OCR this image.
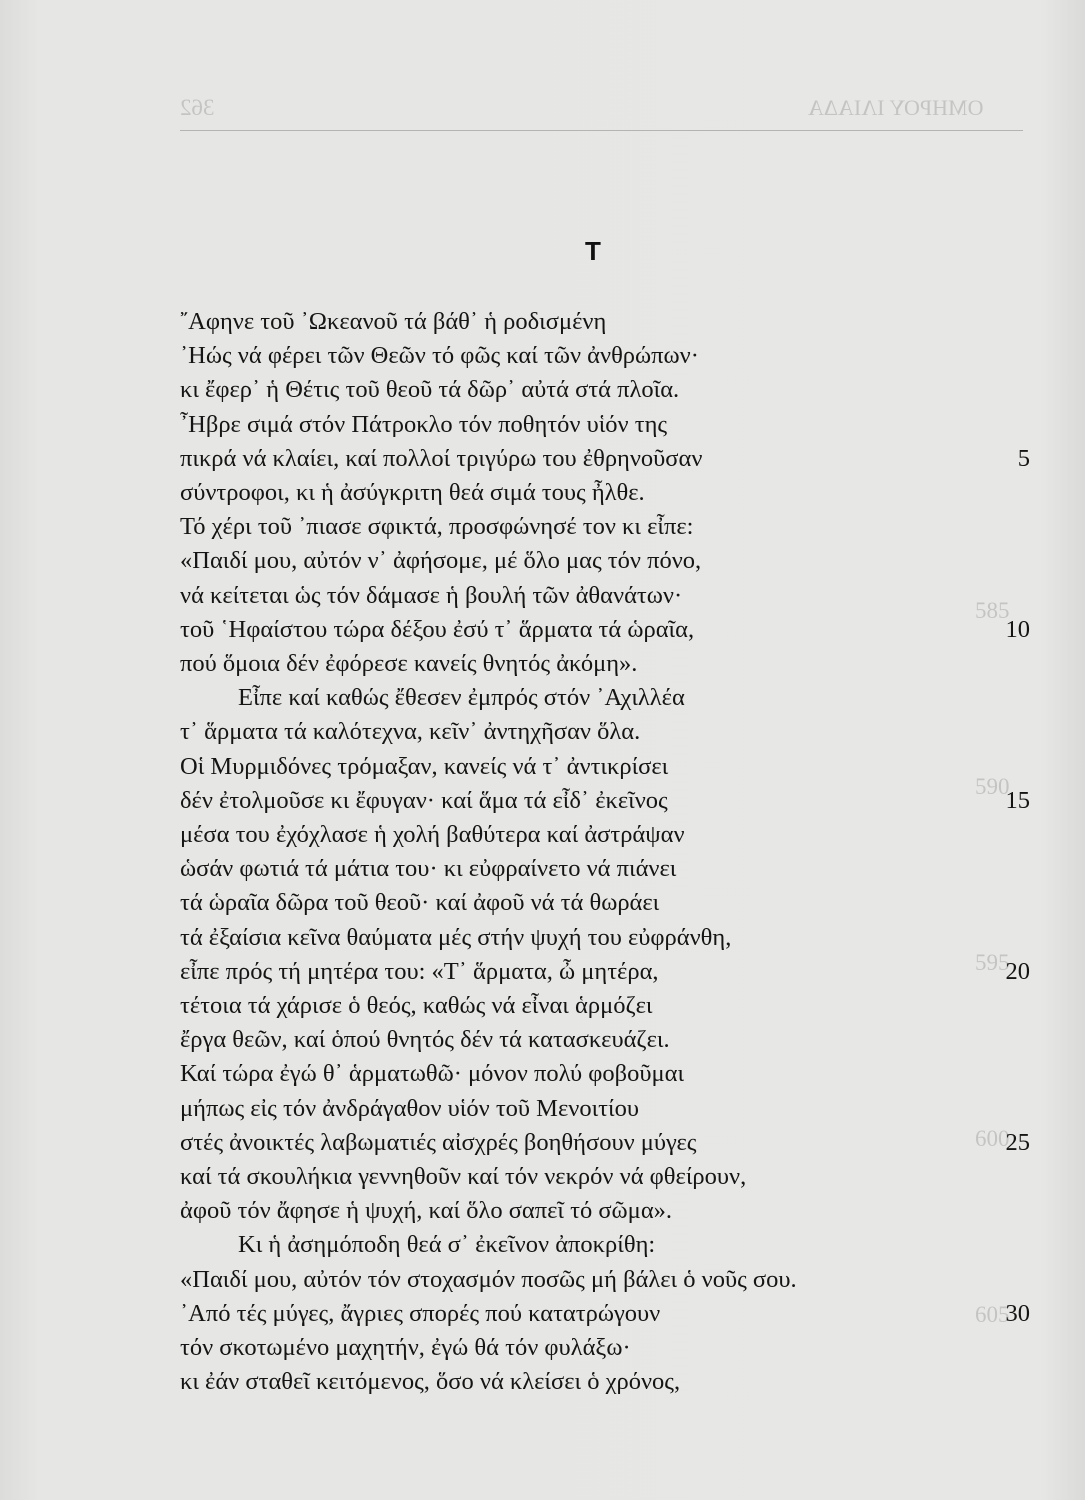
ΟΜΗΡΟΥ ΙΛΙΑΔΑ
362
585
590
595
600
605
Τ
῎Αφηνε τοῦ ᾽Ωκεανοῦ τά βάθ᾽ ἡ ροδισμένη
᾽Ηώς νά φέρει τῶν Θεῶν τό φῶς καί τῶν ἀνθρώπων·
κι ἔφερ᾽ ἡ Θέτις τοῦ θεοῦ τά δῶρ᾽ αὐτά στά πλοῖα.
῏Ηβρε σιμά στόν Πάτροκλο τόν ποθητόν υἱόν της
πικρά νά κλαίει, καί πολλοί τριγύρω του ἐθρηνοῦσαν	5
σύντροφοι, κι ἡ ἀσύγκριτη θεά σιμά τους ἦλθε.
Τό χέρι τοῦ ᾽πιασε σφικτά, προσφώνησέ τον κι εἶπε:
«Παιδί μου, αὐτόν ν᾽ ἀφήσομε, μέ ὅλο μας τόν πόνο,
νά κείτεται ὡς τόν δάμασε ἡ βουλή τῶν ἀθανάτων·
τοῦ ῾Ηφαίστου τώρα δέξου ἐσύ τ᾽ ἅρματα τά ὡραῖα,	10
πού ὅμοια δέν ἐφόρεσε κανείς θνητός ἀκόμη».
Εἶπε καί καθώς ἔθεσεν ἐμπρός στόν ᾽Αχιλλέα
τ᾽ ἅρματα τά καλότεχνα, κεῖν᾽ ἀντηχῆσαν ὅλα.
Οἱ Μυρμιδόνες τρόμαξαν, κανείς νά τ᾽ ἀντικρίσει
δέν ἐτολμοῦσε κι ἔφυγαν· καί ἅμα τά εἶδ᾽ ἐκεῖνος	15
μέσα του ἐχόχλασε ἡ χολή βαθύτερα καί ἀστράψαν
ὡσάν φωτιά τά μάτια του· κι εὐφραίνετο νά πιάνει
τά ὡραῖα δῶρα τοῦ θεοῦ· καί ἀφοῦ νά τά θωράει
τά ἐξαίσια κεῖνα θαύματα μές στήν ψυχή του εὐφράνθη,
εἶπε πρός τή μητέρα του: «Τ᾽ ἅρματα, ὦ μητέρα,	20
τέτοια τά χάρισε ὁ θεός, καθώς νά εἶναι ἁρμόζει
ἔργα θεῶν, καί ὁπού θνητός δέν τά κατασκευάζει.
Καί τώρα ἐγώ θ᾽ ἁρματωθῶ· μόνον πολύ φοβοῦμαι
μήπως εἰς τόν ἀνδράγαθον υἱόν τοῦ Μενοιτίου
στές ἀνοικτές λαβωματιές αἰσχρές βοηθήσουν μύγες	25
καί τά σκουλήκια γεννηθοῦν καί τόν νεκρόν νά φθείρουν,
ἀφοῦ τόν ἄφησε ἡ ψυχή, καί ὅλο σαπεῖ τό σῶμα».
Κι ἡ ἀσημόποδη θεά σ᾽ ἐκεῖνον ἀποκρίθη:
«Παιδί μου, αὐτόν τόν στοχασμόν ποσῶς μή βάλει ὁ νοῦς σου.
᾽Από τές μύγες, ἄγριες σπορές πού κατατρώγουν	30
τόν σκοτωμένο μαχητήν, ἐγώ θά τόν φυλάξω·
κι ἐάν σταθεῖ κειτόμενος, ὅσο νά κλείσει ὁ χρόνος,
